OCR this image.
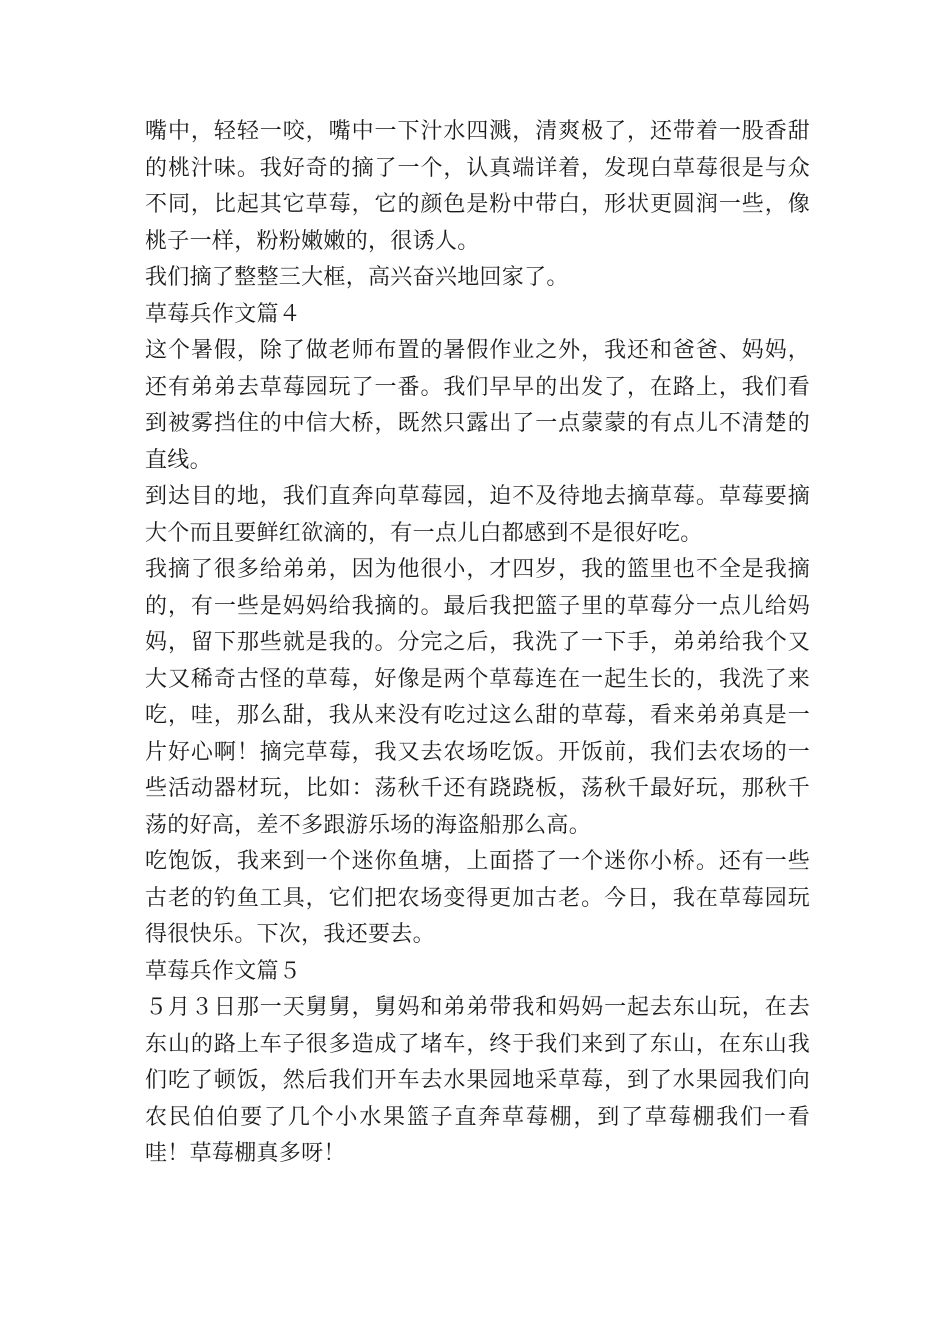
嘴中，轻轻一咬，嘴中一下汁水四溅，清爽极了，还带着一股香甜的桃汁味。我好奇的摘了一个，认真端详着，发现白草莓很是与众不同，比起其它草莓，它的颜色是粉中带白，形状更圆润一些，像桃子一样，粉粉嫩嫩的，很诱人。

我们摘了整整三大框，高兴奋兴地回家了。

草莓兵作文篇４

这个暑假，除了做老师布置的暑假作业之外，我还和爸爸、妈妈，还有弟弟去草莓园玩了一番。我们早早的出发了，在路上，我们看到被雾挡住的中信大桥，既然只露出了一点蒙蒙的有点儿不清楚的直线。

到达目的地，我们直奔向草莓园，迫不及待地去摘草莓。草莓要摘大个而且要鲜红欲滴的，有一点儿白都感到不是很好吃。

我摘了很多给弟弟，因为他很小，才四岁，我的篮里也不全是我摘的，有一些是妈妈给我摘的。最后我把篮子里的草莓分一点儿给妈妈，留下那些就是我的。分完之后，我洗了一下手，弟弟给我个又大又稀奇古怪的草莓，好像是两个草莓连在一起生长的，我洗了来吃，哇，那么甜，我从来没有吃过这么甜的草莓，看来弟弟真是一片好心啊！摘完草莓，我又去农场吃饭。开饭前，我们去农场的一些活动器材玩，比如：荡秋千还有跷跷板，荡秋千最好玩，那秋千荡的好高，差不多跟游乐场的海盗船那么高。

吃饱饭，我来到一个迷你鱼塘，上面搭了一个迷你小桥。还有一些古老的钓鱼工具，它们把农场变得更加古老。今日，我在草莓园玩得很快乐。下次，我还要去。

草莓兵作文篇５

５月３日那一天舅舅，舅妈和弟弟带我和妈妈一起去东山玩，在去东山的路上车子很多造成了堵车，终于我们来到了东山，在东山我们吃了顿饭，然后我们开车去水果园地采草莓，到了水果园我们向农民伯伯要了几个小水果篮子直奔草莓棚，到了草莓棚我们一看哇！草莓棚真多呀！
